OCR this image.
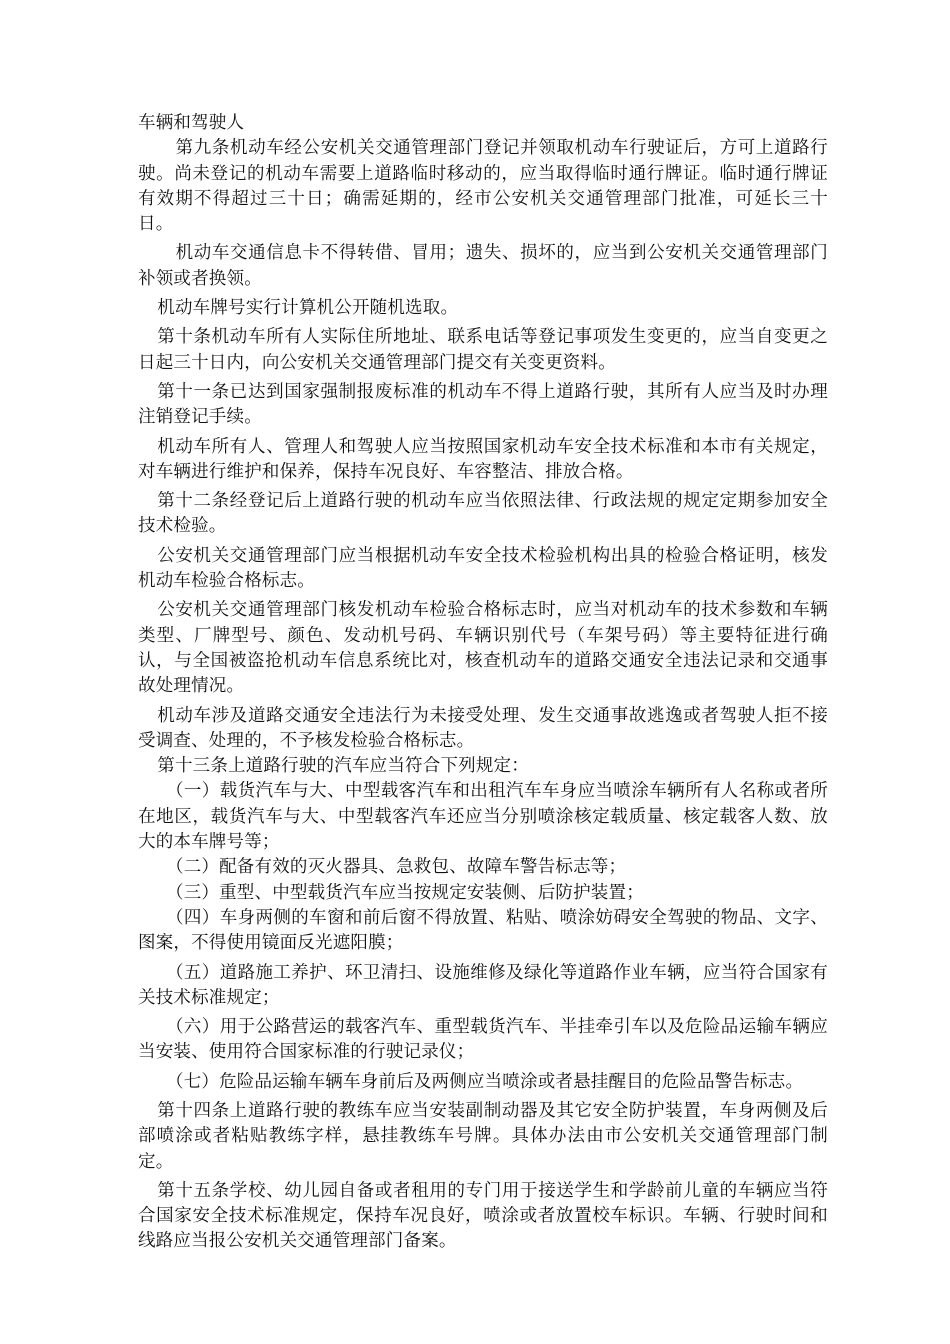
车辆和驾驶人

第九条机动车经公安机关交通管理部门登记并领取机动车行驶证后，方可上道路行驶。尚未登记的机动车需要上道路临时移动的，应当取得临时通行牌证。临时通行牌证有效期不得超过三十日；确需延期的，经市公安机关交通管理部门批准，可延长三十日。

机动车交通信息卡不得转借、冒用；遗失、损坏的，应当到公安机关交通管理部门补领或者换领。

机动车牌号实行计算机公开随机选取。

第十条机动车所有人实际住所地址、联系电话等登记事项发生变更的，应当自变更之日起三十日内，向公安机关交通管理部门提交有关变更资料。

第十一条已达到国家强制报废标准的机动车不得上道路行驶，其所有人应当及时办理注销登记手续。

机动车所有人、管理人和驾驶人应当按照国家机动车安全技术标准和本市有关规定，对车辆进行维护和保养，保持车况良好、车容整洁、排放合格。

第十二条经登记后上道路行驶的机动车应当依照法律、行政法规的规定定期参加安全技术检验。

公安机关交通管理部门应当根据机动车安全技术检验机构出具的检验合格证明，核发机动车检验合格标志。

公安机关交通管理部门核发机动车检验合格标志时，应当对机动车的技术参数和车辆类型、厂牌型号、颜色、发动机号码、车辆识别代号（车架号码）等主要特征进行确认，与全国被盗抢机动车信息系统比对，核查机动车的道路交通安全违法记录和交通事故处理情况。

机动车涉及道路交通安全违法行为未接受处理、发生交通事故逃逸或者驾驶人拒不接受调查、处理的，不予核发检验合格标志。

第十三条上道路行驶的汽车应当符合下列规定：

（一）载货汽车与大、中型载客汽车和出租汽车车身应当喷涂车辆所有人名称或者所在地区，载货汽车与大、中型载客汽车还应当分别喷涂核定载质量、核定载客人数、放大的本车牌号等；

（二）配备有效的灭火器具、急救包、故障车警告标志等；

（三）重型、中型载货汽车应当按规定安装侧、后防护装置；

（四）车身两侧的车窗和前后窗不得放置、粘贴、喷涂妨碍安全驾驶的物品、文字、图案，不得使用镜面反光遮阳膜；

（五）道路施工养护、环卫清扫、设施维修及绿化等道路作业车辆，应当符合国家有关技术标准规定；

（六）用于公路营运的载客汽车、重型载货汽车、半挂牵引车以及危险品运输车辆应当安装、使用符合国家标准的行驶记录仪；

（七）危险品运输车辆车身前后及两侧应当喷涂或者悬挂醒目的危险品警告标志。

第十四条上道路行驶的教练车应当安装副制动器及其它安全防护装置，车身两侧及后部喷涂或者粘贴教练字样，悬挂教练车号牌。具体办法由市公安机关交通管理部门制定。

第十五条学校、幼儿园自备或者租用的专门用于接送学生和学龄前儿童的车辆应当符合国家安全技术标准规定，保持车况良好，喷涂或者放置校车标识。车辆、行驶时间和线路应当报公安机关交通管理部门备案。
